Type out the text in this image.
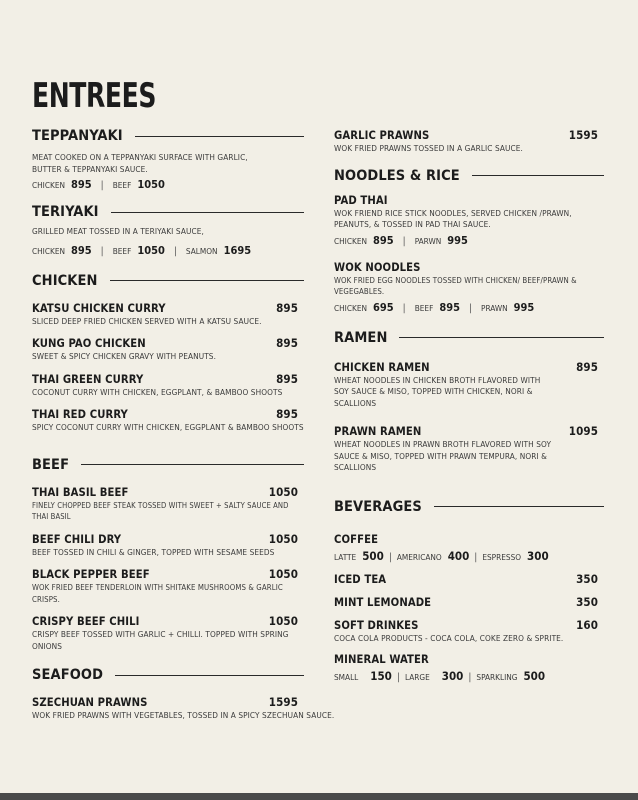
ENTREES
TEPPANYAKI
MEAT COOKED ON A TEPPANYAKI SURFACE WITH GARLIC, BUTTER & TEPPANYAKI SAUCE.
CHICKEN 895 | BEEF 1050
TERIYAKI
GRILLED MEAT TOSSED IN A TERIYAKI SAUCE,
CHICKEN 895 | BEEF 1050 | SALMON 1695
CHICKEN
KATSU CHICKEN CURRY	895
SLICED DEEP FRIED CHICKEN SERVED WITH A KATSU SAUCE.
KUNG PAO CHICKEN	895
SWEET & SPICY CHICKEN GRAVY WITH PEANUTS.
THAI GREEN CURRY	895
COCONUT CURRY WITH CHICKEN, EGGPLANT, & BAMBOO SHOOTS
THAI RED CURRY	895
SPICY COCONUT CURRY WITH CHICKEN, EGGPLANT & BAMBOO SHOOTS
BEEF
THAI BASIL BEEF	1050
FINELY CHOPPED BEEF STEAK TOSSED WITH SWEET + SALTY SAUCE AND THAI BASIL
BEEF CHILI DRY	1050
BEEF TOSSED IN CHILI & GINGER, TOPPED WITH SESAME SEEDS
BLACK PEPPER BEEF	1050
WOK FRIED BEEF TENDERLOIN WITH SHITAKE MUSHROOMS & GARLIC CRISPS.
CRISPY BEEF CHILI	1050
CRISPY BEEF TOSSED WITH GARLIC + CHILLI. TOPPED WITH SPRING ONIONS
SEAFOOD
SZECHUAN PRAWNS	1595
WOK FRIED PRAWNS WITH VEGETABLES, TOSSED IN A SPICY SZECHUAN SAUCE.
GARLIC PRAWNS	1595
WOK FRIED PRAWNS TOSSED IN A GARLIC SAUCE.
NOODLES & RICE
PAD THAI
WOK FRIEND RICE STICK NOODLES, SERVED CHICKEN /PRAWN, PEANUTS, & TOSSED IN PAD THAI SAUCE.
CHICKEN 895 | PARWN 995
WOK NOODLES
WOK FRIED EGG NOODLES TOSSED WITH CHICKEN/ BEEF/PRAWN & VEGEGABLES.
CHICKEN 695 | BEEF 895 | PRAWN 995
RAMEN
CHICKEN RAMEN	895
WHEAT NOODLES IN CHICKEN BROTH FLAVORED WITH SOY SAUCE & MISO, TOPPED WITH CHICKEN, NORI & SCALLIONS
PRAWN RAMEN	1095
WHEAT NOODLES IN PRAWN BROTH FLAVORED WITH SOY SAUCE & MISO, TOPPED WITH PRAWN TEMPURA, NORI & SCALLIONS
BEVERAGES
COFFEE
LATTE 500 | AMERICANO 400 | ESPRESSO 300
ICED TEA	350
MINT LEMONADE	350
SOFT DRINKES	160
COCA COLA PRODUCTS - COCA COLA, COKE ZERO & SPRITE.
MINERAL WATER
SMALL 150 | LARGE 300 | SPARKLING 500
